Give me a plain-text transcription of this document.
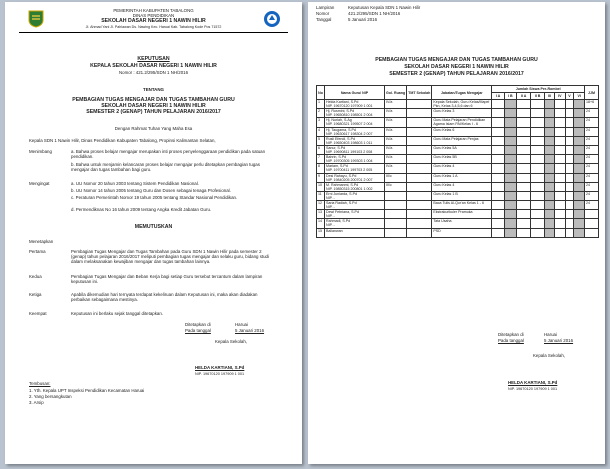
PEMERINTAH KABUPATEN TABALONG
DINAS PENDIDIKAN
SEKOLAH DASAR NEGERI 1 NAWIN HILIR
Jl. Ahmad Yani Jl. Pahlawan Ds. Nawing Kec. Haruai Kab. Tabalong Kode Pos 71572
KEPUTUSAN
KEPALA SEKOLAH DASAR NEGERI 1 NAWIN HILIR
Nomor : 421.2/295/SDN 1 NH/2016
TENTANG
PEMBAGIAN TUGAS MENGAJAR DAN TUGAS TAMBAHAN GURU
SEKOLAH DASAR NEGERI 1 NAWIN HILIR
SEMESTER 2 (GENAP) TAHUN PELAJARAN 2016/2017
Dengan Rahmat Tuhan Yang Maha Esa
Kepala SDN 1 Nawin Hilir, Dinas Pendidikan Kabupaten Tabalong, Propinsi Kalimantan Selatan,
Menimbang	a. Bahwa proses belajar mengajar merupakan inti proses penyelenggaraan pendidikan pada satuan pendidikan.
b. Bahwa untuk menjamin kelancaran proses belajar mengajar perlu ditetapkan pembagian tugas mengajar dan tugas tambahan bagi guru.
Mengingat	a. UU Nomor 20 tahun 2003 tentang Sistem Pendidikan Nasional.
b. UU Nomor 14 tahun 2005 tentang Guru dan Dosen sebagai tenaga Profesional.
c. Peraturan Pemerintah Nomor 19 tahun 2005 tentang Standar Nasional Pendidikan.
d. Permendiknas No 16 tahun 2009 tentang Angka Kredit Jabatan Guru.
MEMUTUSKAN
Menetapkan
Pertama	Pembagian Tugas Mengajar dan Tugas Tambahan pada Guru SDN 1 Nawin Hilir pada semester 2 (genap) tahun pelajaran 2016/2017 meliputi pembagian tugas mengajar dan selaku guru, bidang studi dalam melaksanakan kewajiban mengajar dan tugas tambahan lainnya.
Kedua	Pembagian Tugas Mengajar dan Beban Kerja bagi setiap Guru tersebut tercantum dalam lampiran keputusan ini.
Ketiga	Apabila dikemudian hari ternyata terdapat kekeliruan dalam Keputusan ini, maka akan diadakan perbaikan sebagaimana mestinya.
Keempat	Keputusan ini berlaku sejak tanggal ditetapkan.
Ditetapkan di	Haruai
Pada tanggal	5 Januari 2016
Kepala Sekolah,
HELDA KARTIANI, S.Pd
NIP. 19670120 197909 1 001
Tembusan:
1. Yth. Kepala UPT Inspeksi Pendidikan Kecamatan Haruai
2. Yang bersangkutan
3. Arsip
Lampiran	Keputusan Kepala SDN 1 Nawin Hilir
Nomor	421.2/295/SDN 1 NH/2016
Tanggal	5 Januari 2016
PEMBAGIAN TUGAS MENGAJAR DAN TUGAS TAMBAHAN GURU
SEKOLAH DASAR NEGERI 1 NAWIN HILIR
SEMESTER 2 (GENAP) TAHUN PELAJARAN 2016/2017
No	Nama Guru/ NIP	Gol. Ruang	TMT Sekolah	Jabatan/Tugas Mengajar	Jumlah Siswa Per-Rombel								JJM
					I A	I B	II A	II B	III	IV	V	VI	
1	Helda Kartiani, S.Pd
NIP. 19670120 197909 1 001	IV/a		Kepala Sekolah, Guru Kelas/Mapel Pkn, Kelas 3,4,5,6 dan 6									18+6
2	Hj. Rusmini, S.Pd
NIP. 19650810 198501 2 004	IV/a		Guru Kelas 3									24
3	Hj. Nurlah, S.Ag
NIP. 19680321 199507 2 004	IV/a		Guru Mata Pelajaran Pendidikan Agama Islam PAI/Kelas I - 6									24
4	Hj. Taugama, S.Pd
NIP. 19630617 198304 2 007	IV/a		Guru Kelas 6									24
5	Rusli Efendi, S.Pd
NIP. 19650403 198603 1 011	IV/a		Guru Mata Pelajaran Penjas									24
6	Sanur, S.Pd
NIP. 19690811 199103 2 008	IV/a		Guru Kelas 5A									24
7	Bahrin, S.Pd
NIP. 19700305 199303 1 004	IV/a		Guru Kelas 5B									24
8	Mariam, S.Pd
NIP. 19700411 199703 2 005	IV/a		Guru Kelas 4									24
9	Desi Rahayu, S.Pd
NIP. 19840205 200701 2 007	III/c		Guru Kelas 1 A									24
10	M. Rahmanmi, S.Pd
NIP. 19850315 200801 1 002	III/c		Guru Kelas 4									24
11	Erni Juniarda, S.Pd
NIP. -			Guru Kelas 1 B									24
12	Saria Radiah, S.Pd
NIP. -			Baca Tulis Al-Qur'an Kelas 1 - 6									24
13	Dewi Febriana, S.Pd
NIP. -			Ekstrakurikuler Pramuka									
14	Rahmadi, S.Pd
NIP. -			Tata Usaha									
15	Ballanwan			PSD									
Ditetapkan di	Haruai
Pada tanggal	5 Januari 2016
Kepala Sekolah,
HELDA KARTIANI, S.Pd
NIP. 19670120 197909 1 001
